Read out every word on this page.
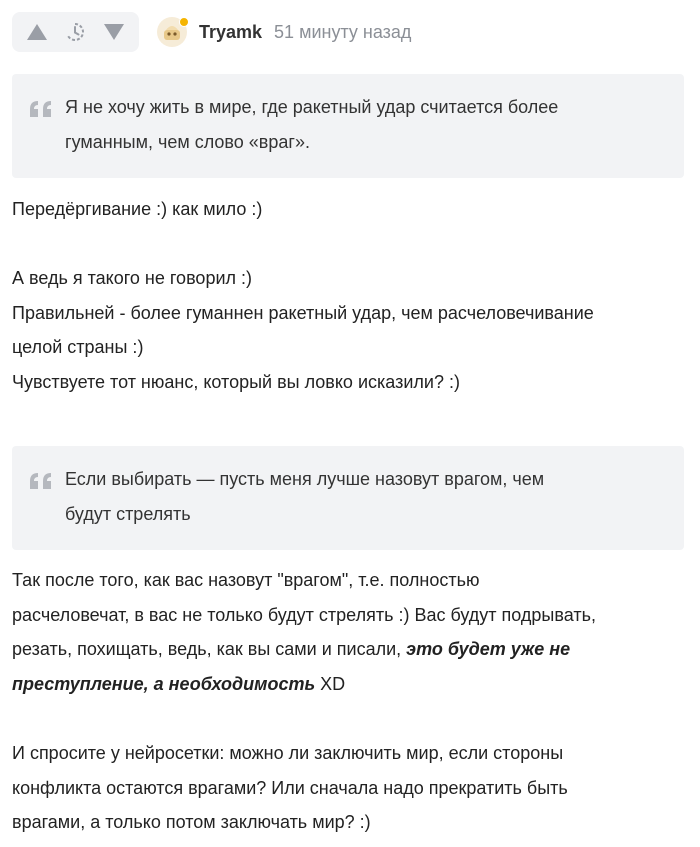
Tryamk 51 минуту назад
Я не хочу жить в мире, где ракетный удар считается более
гуманным, чем слово «враг».

Передёргивание :) как мило :)

А ведь я такого не говорил :)
Правильней - более гуманнен ракетный удар, чем расчеловечивание
целой страны :)
Чувствуете тот нюанс, который вы ловко исказили? :)

Если выбирать — пусть меня лучше назовут врагом, чем
будут стрелять

Так после того, как вас назовут "врагом", т.е. полностью
расчеловечат, в вас не только будут стрелять :) Вас будут подрывать,
резать, похищать, ведь, как вы сами и писали, это будет уже не
преступление, а необходимость XD

И спросите у нейросетки: можно ли заключить мир, если стороны
конфликта остаются врагами? Или сначала надо прекратить быть
врагами, а только потом заключать мир? :)
